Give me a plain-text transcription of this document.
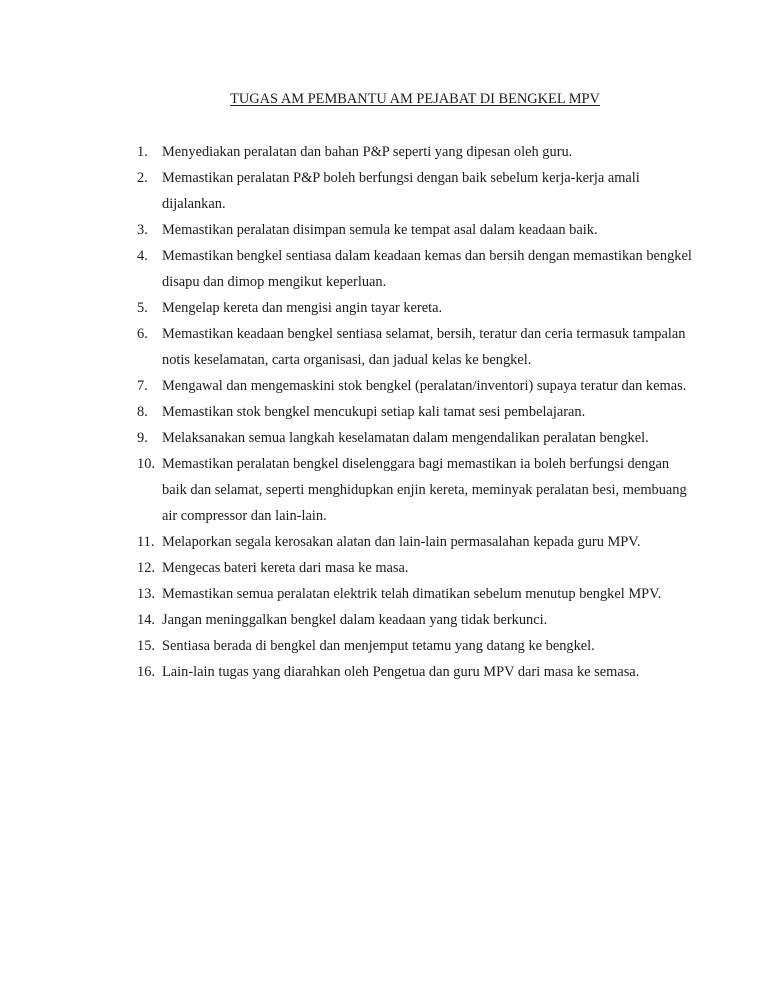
TUGAS AM PEMBANTU AM PEJABAT DI BENGKEL MPV
1. Menyediakan peralatan dan bahan P&P seperti yang dipesan oleh guru.
2. Memastikan peralatan P&P boleh berfungsi dengan baik sebelum kerja-kerja amali
dijalankan.
3. Memastikan peralatan disimpan semula ke tempat asal dalam keadaan baik.
4. Memastikan bengkel sentiasa dalam keadaan kemas dan bersih dengan memastikan bengkel
disapu dan dimop mengikut keperluan.
5. Mengelap kereta dan mengisi angin tayar kereta.
6. Memastikan keadaan bengkel sentiasa selamat, bersih, teratur dan ceria termasuk tampalan
notis keselamatan, carta organisasi, dan jadual kelas ke bengkel.
7. Mengawal dan mengemaskini stok bengkel (peralatan/inventori) supaya teratur dan kemas.
8. Memastikan stok bengkel mencukupi setiap kali tamat sesi pembelajaran.
9. Melaksanakan semua langkah keselamatan dalam mengendalikan peralatan bengkel.
10. Memastikan peralatan bengkel diselenggara bagi memastikan ia boleh berfungsi dengan
baik dan selamat, seperti menghidupkan enjin kereta, meminyak peralatan besi, membuang
air compressor dan lain-lain.
11. Melaporkan segala kerosakan alatan dan lain-lain permasalahan kepada guru MPV.
12. Mengecas bateri kereta dari masa ke masa.
13. Memastikan semua peralatan elektrik telah dimatikan sebelum menutup bengkel MPV.
14. Jangan meninggalkan bengkel dalam keadaan yang tidak berkunci.
15. Sentiasa berada di bengkel dan menjemput tetamu yang datang ke bengkel.
16. Lain-lain tugas yang diarahkan oleh Pengetua dan guru MPV dari masa ke semasa.
